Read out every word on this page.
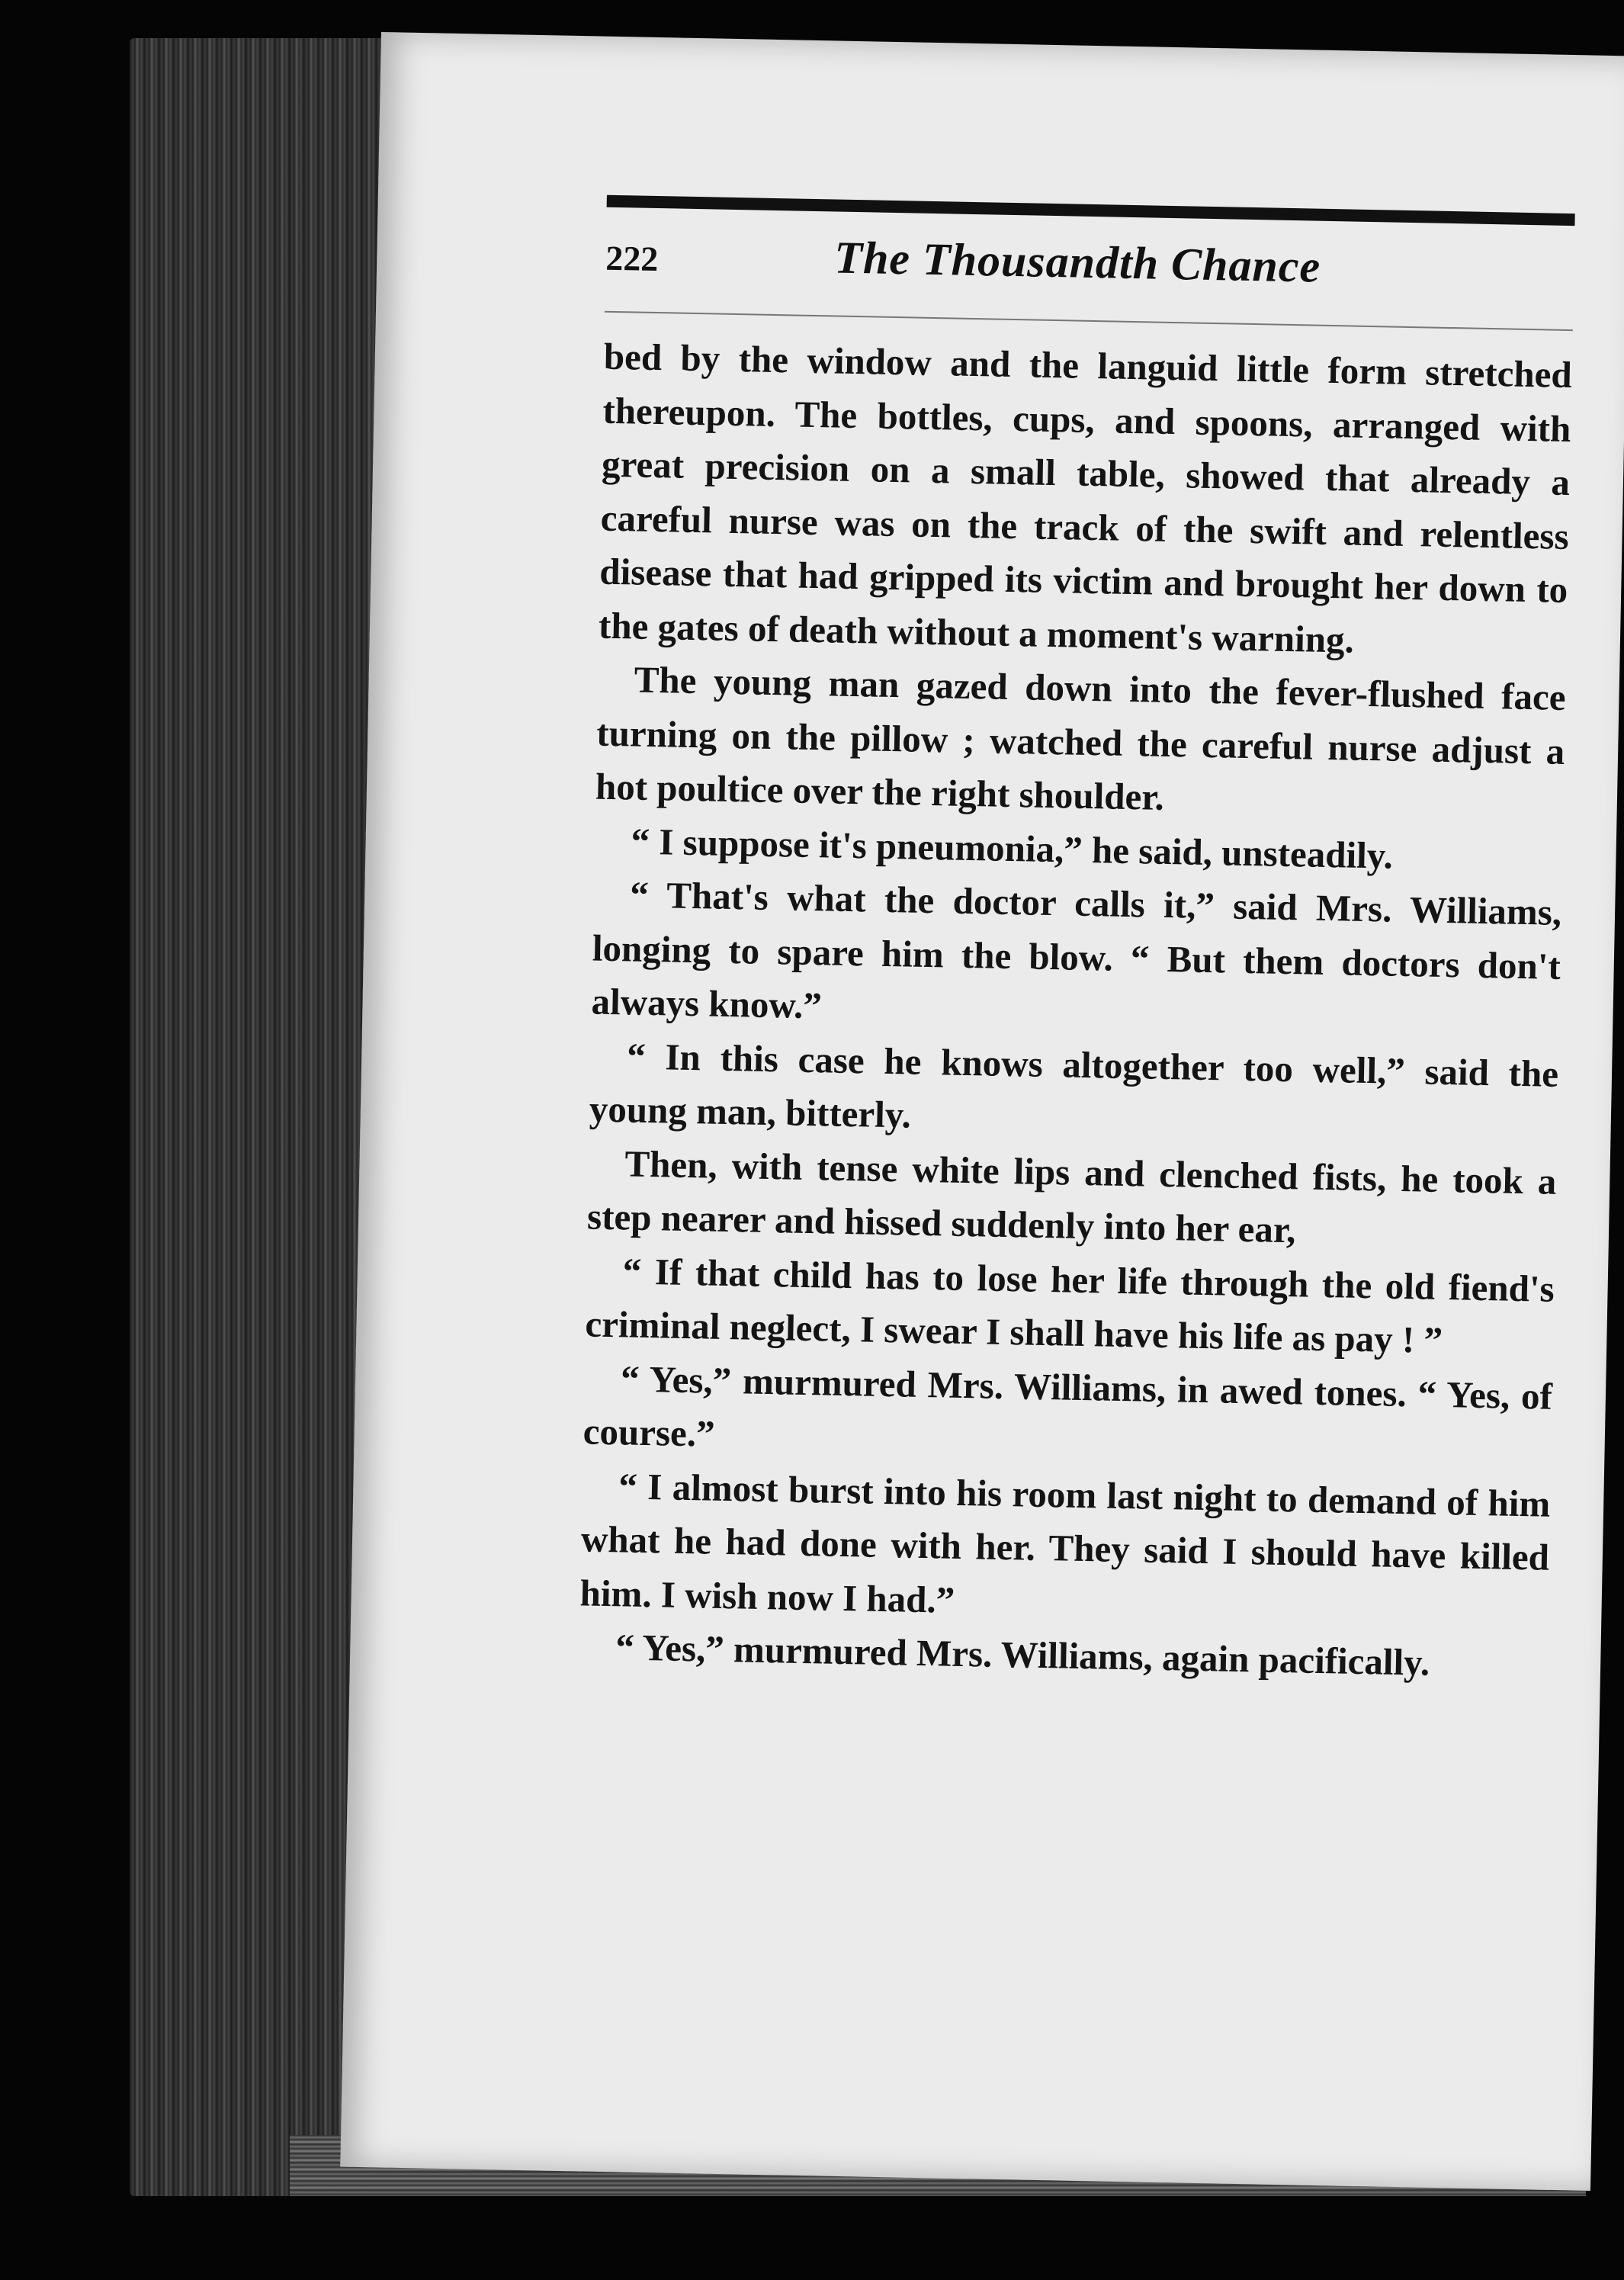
222	The Thousandth Chance

bed by the window and the languid little form stretched thereupon. The bottles, cups, and spoons, arranged with great precision on a small table, showed that already a careful nurse was on the track of the swift and relentless disease that had gripped its victim and brought her down to the gates of death without a moment's warning.

The young man gazed down into the fever-flushed face turning on the pillow ; watched the careful nurse adjust a hot poultice over the right shoulder.

“ I suppose it's pneumonia,” he said, unsteadily.

“ That's what the doctor calls it,” said Mrs. Williams, longing to spare him the blow. “ But them doctors don't always know.”

“ In this case he knows altogether too well,” said the young man, bitterly.

Then, with tense white lips and clenched fists, he took a step nearer and hissed suddenly into her ear,

“ If that child has to lose her life through the old fiend's criminal neglect, I swear I shall have his life as pay ! ”

“ Yes,” murmured Mrs. Williams, in awed tones. “ Yes, of course.”

“ I almost burst into his room last night to demand of him what he had done with her. They said I should have killed him. I wish now I had.”

“ Yes,” murmured Mrs. Williams, again pacifically.
